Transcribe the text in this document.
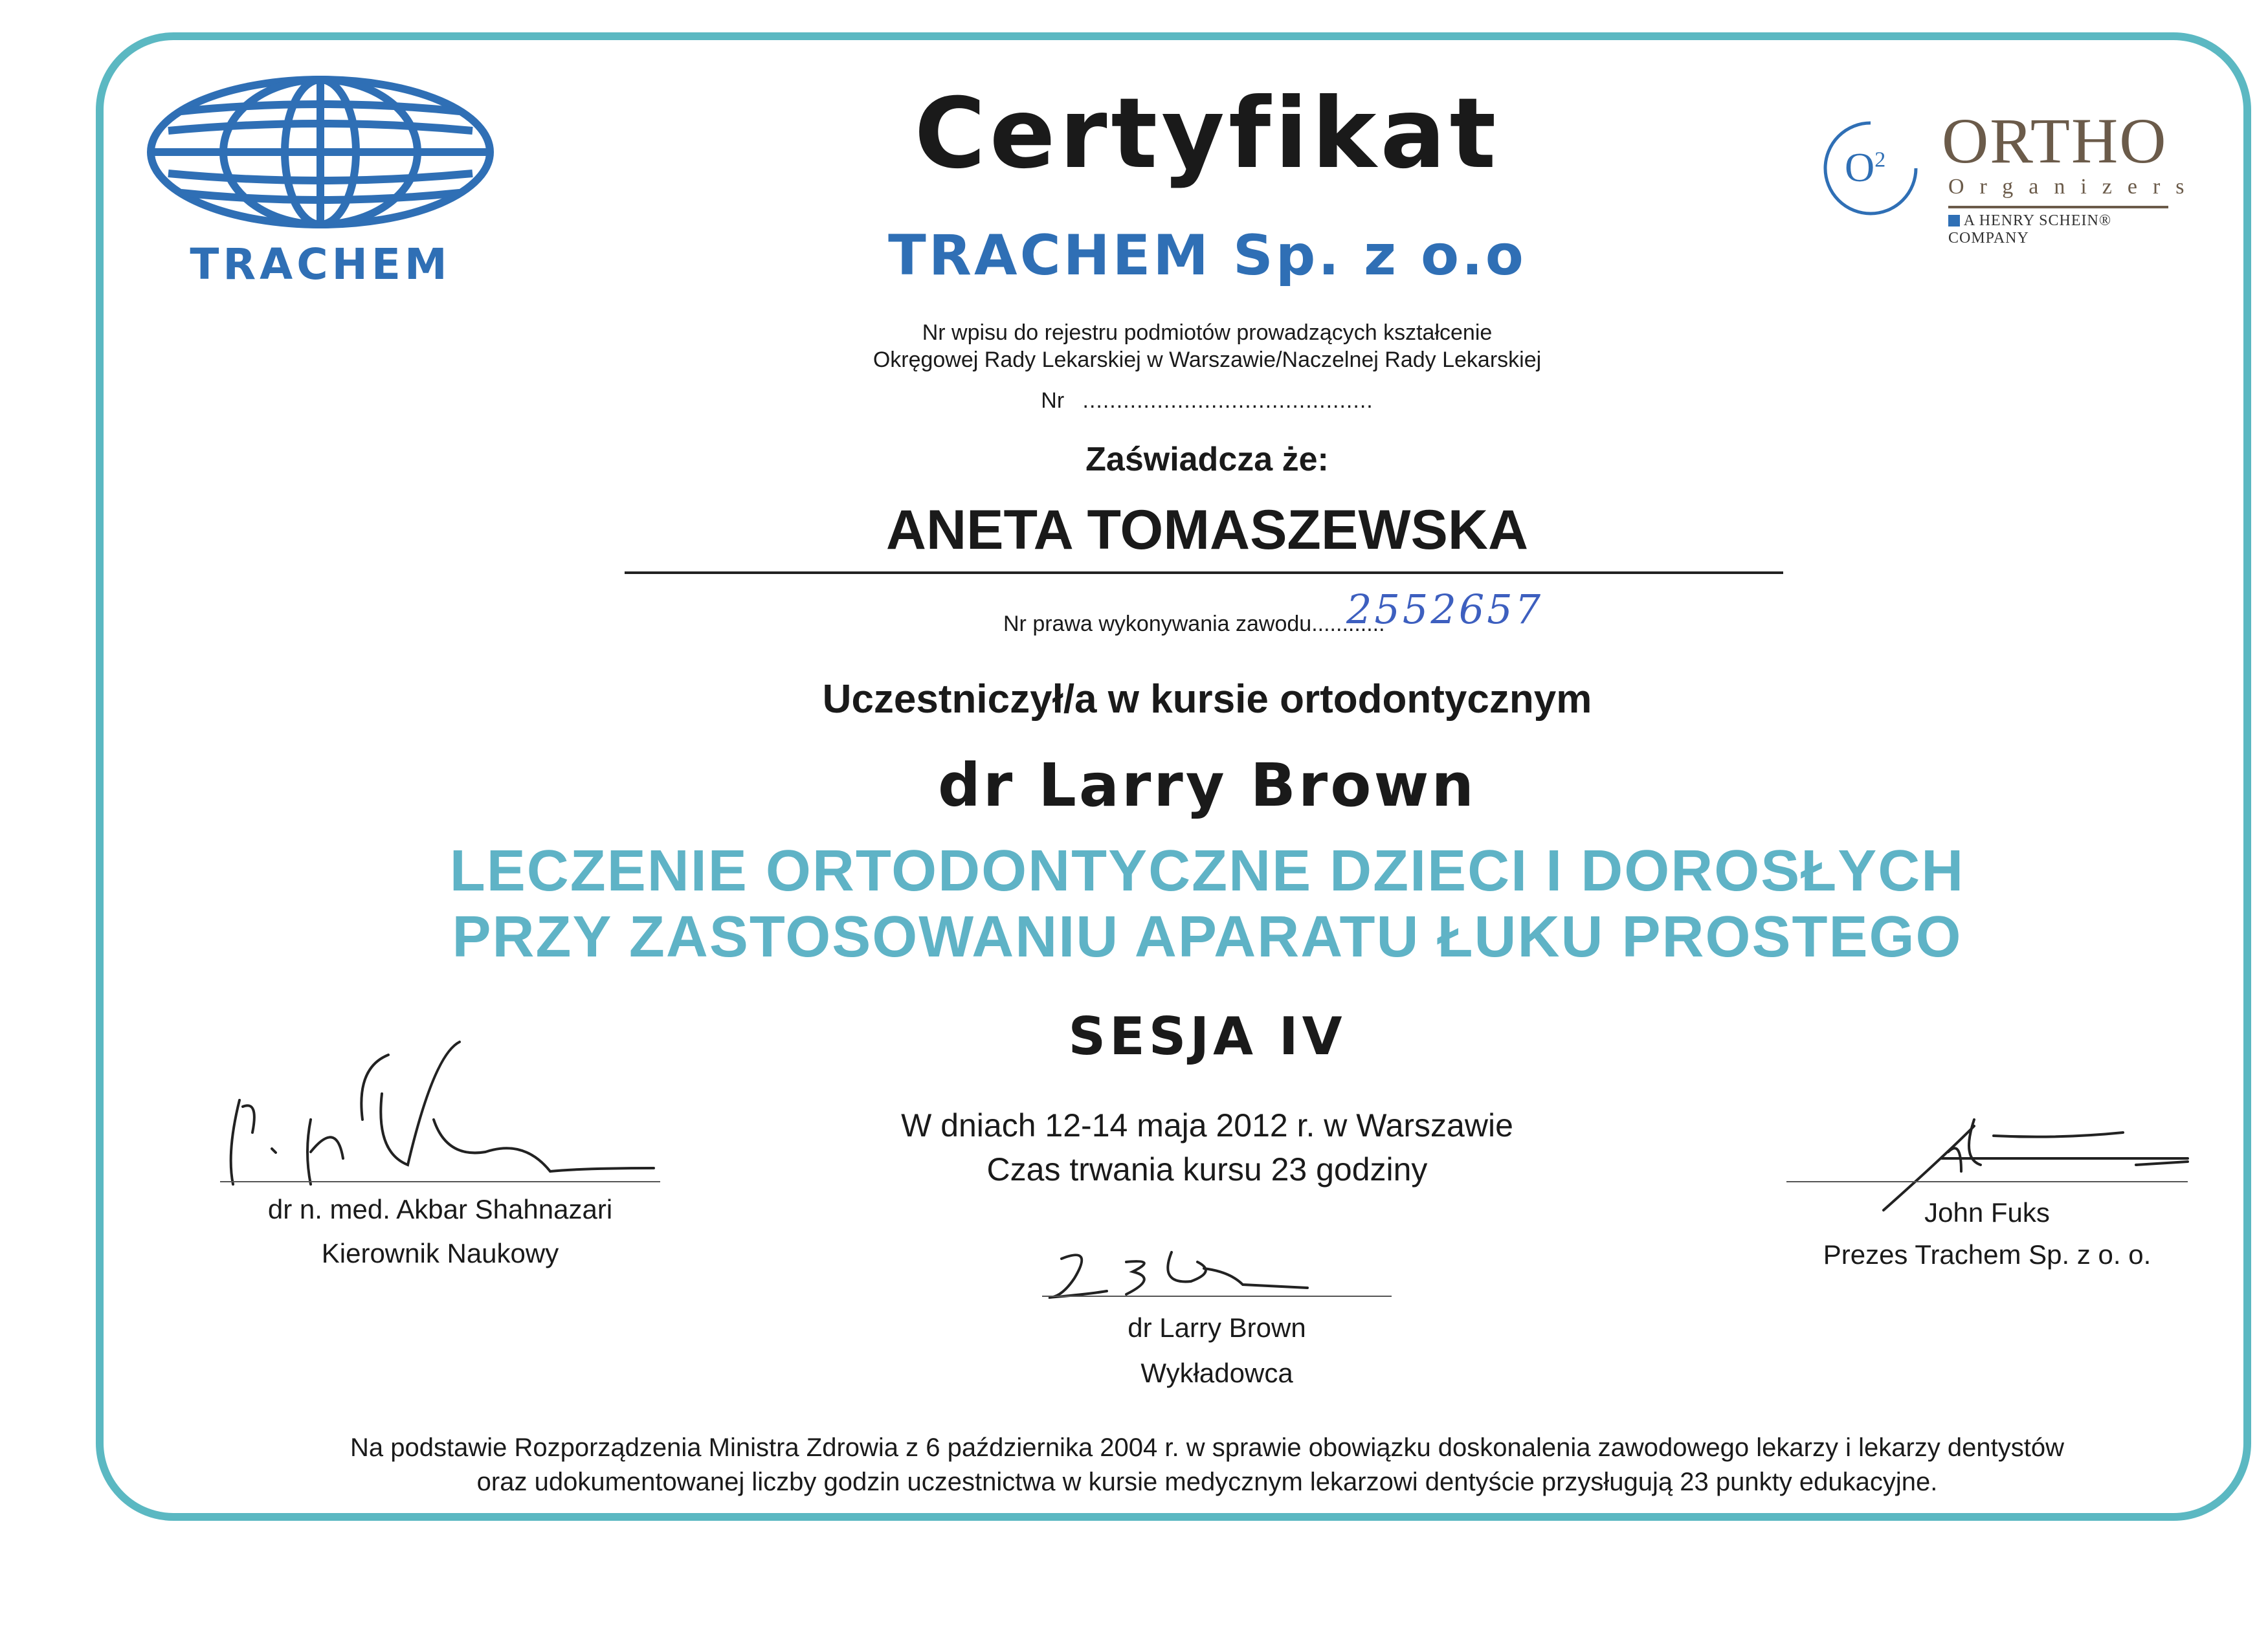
TRACHEM
$O^2$ ORTHO
Organizers
A HENRY SCHEIN® COMPANY
Certyfikat
TRACHEM Sp. z o.o
Nr wpisu do rejestru podmiotów prowadzących kształcenie
Okręgowej Rady Lekarskiej w Warszawie/Naczelnej Rady Lekarskiej
Nr ...........................................
Zaświadcza że:
ANETA TOMASZEWSKA
Nr prawa wykonywania zawodu............
2552657
Uczestniczył/a w kursie ortodontycznym
dr Larry Brown
LECZENIE ORTODONTYCZNE DZIECI I DOROSŁYCH
PRZY ZASTOSOWANIU APARATU ŁUKU PROSTEGO
SESJA IV
W dniach 12-14 maja 2012 r. w Warszawie
Czas trwania kursu 23 godziny
dr n. med. Akbar Shahnazari
Kierownik Naukowy
dr Larry Brown
Wykładowca
John Fuks
Prezes Trachem Sp. z o. o.
Na podstawie Rozporządzenia Ministra Zdrowia z 6 października 2004 r. w sprawie obowiązku doskonalenia zawodowego lekarzy i lekarzy dentystów
oraz udokumentowanej liczby godzin uczestnictwa w kursie medycznym lekarzowi dentyście przysługują 23 punkty edukacyjne.
